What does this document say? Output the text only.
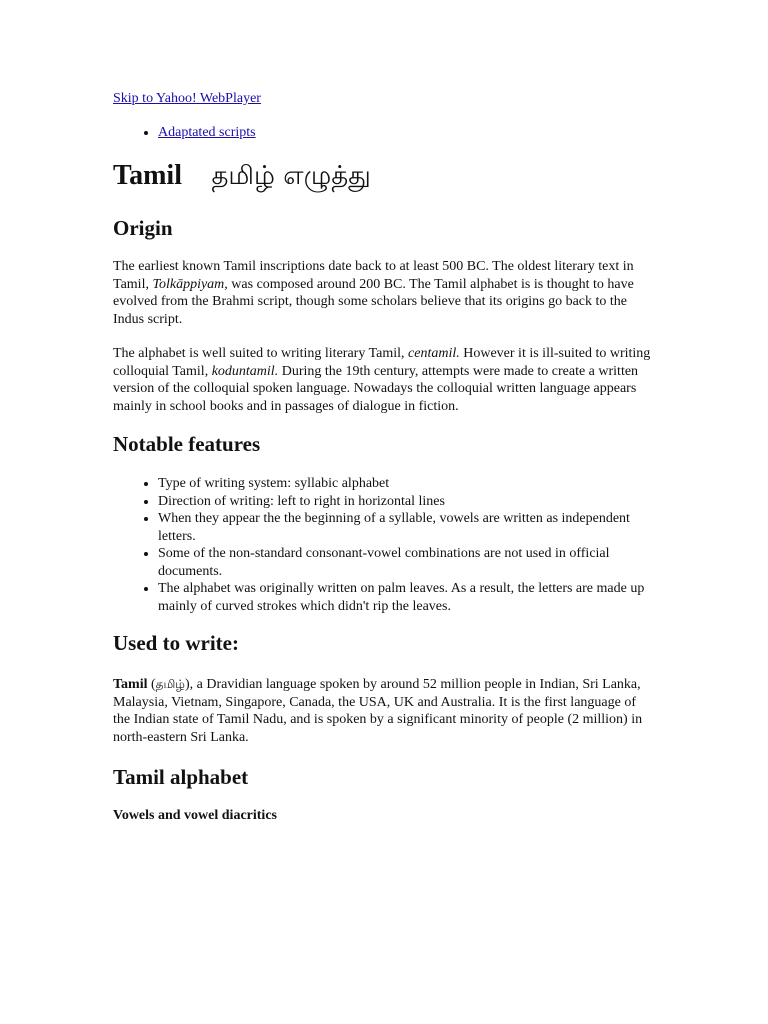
Skip to Yahoo! WebPlayer
• Adaptated scripts
Tamil தமிழ் எழுத்து
Origin

The earliest known Tamil inscriptions date back to at least 500 BC. The oldest literary text in Tamil, Tolkāppiyam, was composed around 200 BC. The Tamil alphabet is is thought to have evolved from the Brahmi script, though some scholars believe that its origins go back to the Indus script.

The alphabet is well suited to writing literary Tamil, centamil. However it is ill-suited to writing colloquial Tamil, koduntamil. During the 19th century, attempts were made to create a written version of the colloquial spoken language. Nowadays the colloquial written language appears mainly in school books and in passages of dialogue in fiction.

Notable features
• Type of writing system: syllabic alphabet
• Direction of writing: left to right in horizontal lines
• When they appear the the beginning of a syllable, vowels are written as independent letters.
• Some of the non-standard consonant-vowel combinations are not used in official documents.
• The alphabet was originally written on palm leaves. As a result, the letters are made up mainly of curved strokes which didn't rip the leaves.
Used to write:

Tamil (தமிழ்), a Dravidian language spoken by around 52 million people in Indian, Sri Lanka, Malaysia, Vietnam, Singapore, Canada, the USA, UK and Australia. It is the first language of the Indian state of Tamil Nadu, and is spoken by a significant minority of people (2 million) in north-eastern Sri Lanka.

Tamil alphabet
Vowels and vowel diacritics
